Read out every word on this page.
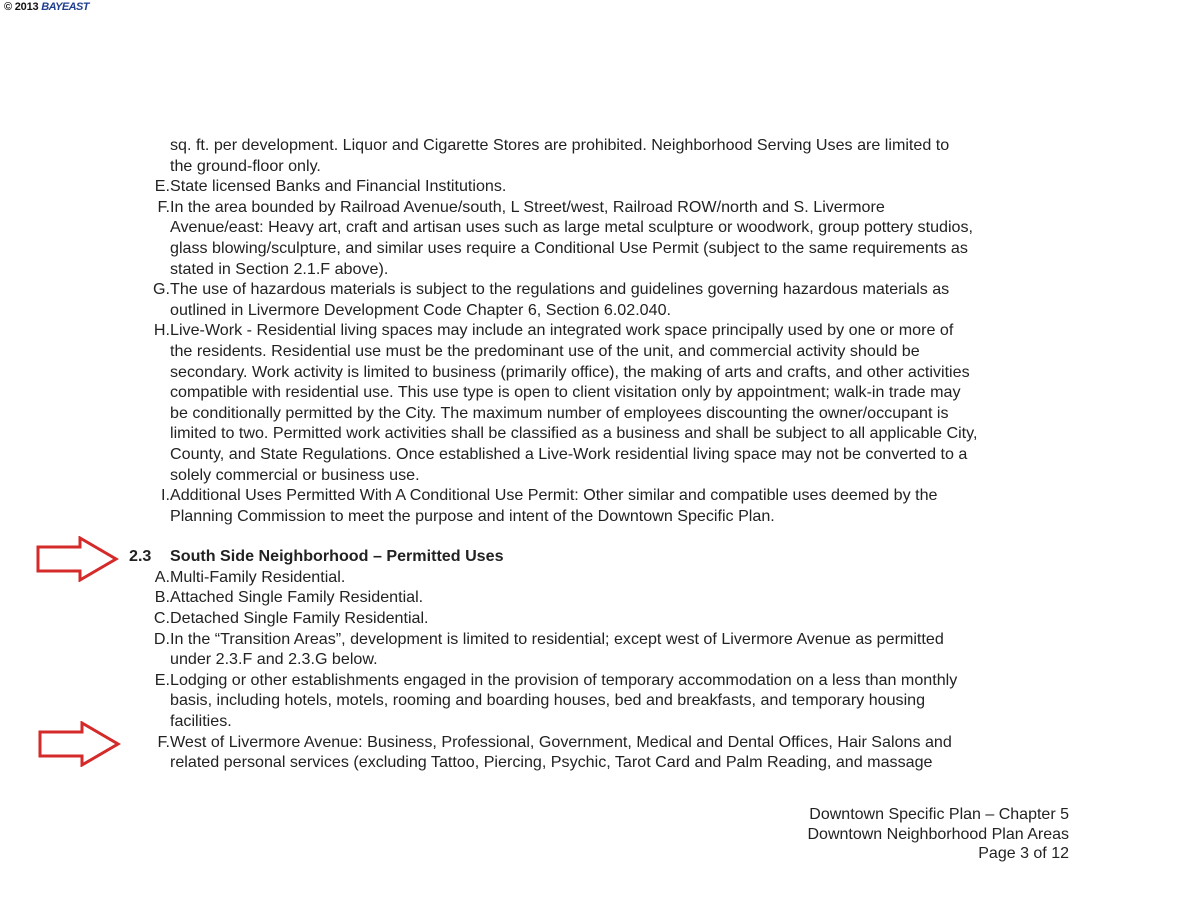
© 2013 BAYEAST
sq. ft. per development. Liquor and Cigarette Stores are prohibited. Neighborhood Serving Uses are limited to
the ground-floor only.
E. State licensed Banks and Financial Institutions.
F. In the area bounded by Railroad Avenue/south, L Street/west, Railroad ROW/north and S. Livermore
Avenue/east: Heavy art, craft and artisan uses such as large metal sculpture or woodwork, group pottery studios,
glass blowing/sculpture, and similar uses require a Conditional Use Permit (subject to the same requirements as
stated in Section 2.1.F above).
G. The use of hazardous materials is subject to the regulations and guidelines governing hazardous materials as
outlined in Livermore Development Code Chapter 6, Section 6.02.040.
H. Live-Work - Residential living spaces may include an integrated work space principally used by one or more of
the residents. Residential use must be the predominant use of the unit, and commercial activity should be
secondary. Work activity is limited to business (primarily office), the making of arts and crafts, and other activities
compatible with residential use. This use type is open to client visitation only by appointment; walk-in trade may
be conditionally permitted by the City. The maximum number of employees discounting the owner/occupant is
limited to two. Permitted work activities shall be classified as a business and shall be subject to all applicable City,
County, and State Regulations. Once established a Live-Work residential living space may not be converted to a
solely commercial or business use.
I. Additional Uses Permitted With A Conditional Use Permit: Other similar and compatible uses deemed by the
Planning Commission to meet the purpose and intent of the Downtown Specific Plan.
2.3	South Side Neighborhood – Permitted Uses
A. Multi-Family Residential.
B. Attached Single Family Residential.
C. Detached Single Family Residential.
D. In the “Transition Areas”, development is limited to residential; except west of Livermore Avenue as permitted
under 2.3.F and 2.3.G below.
E. Lodging or other establishments engaged in the provision of temporary accommodation on a less than monthly
basis, including hotels, motels, rooming and boarding houses, bed and breakfasts, and temporary housing
facilities.
F. West of Livermore Avenue: Business, Professional, Government, Medical and Dental Offices, Hair Salons and
related personal services (excluding Tattoo, Piercing, Psychic, Tarot Card and Palm Reading, and massage
Downtown Specific Plan – Chapter 5
Downtown Neighborhood Plan Areas
Page 3 of 12
